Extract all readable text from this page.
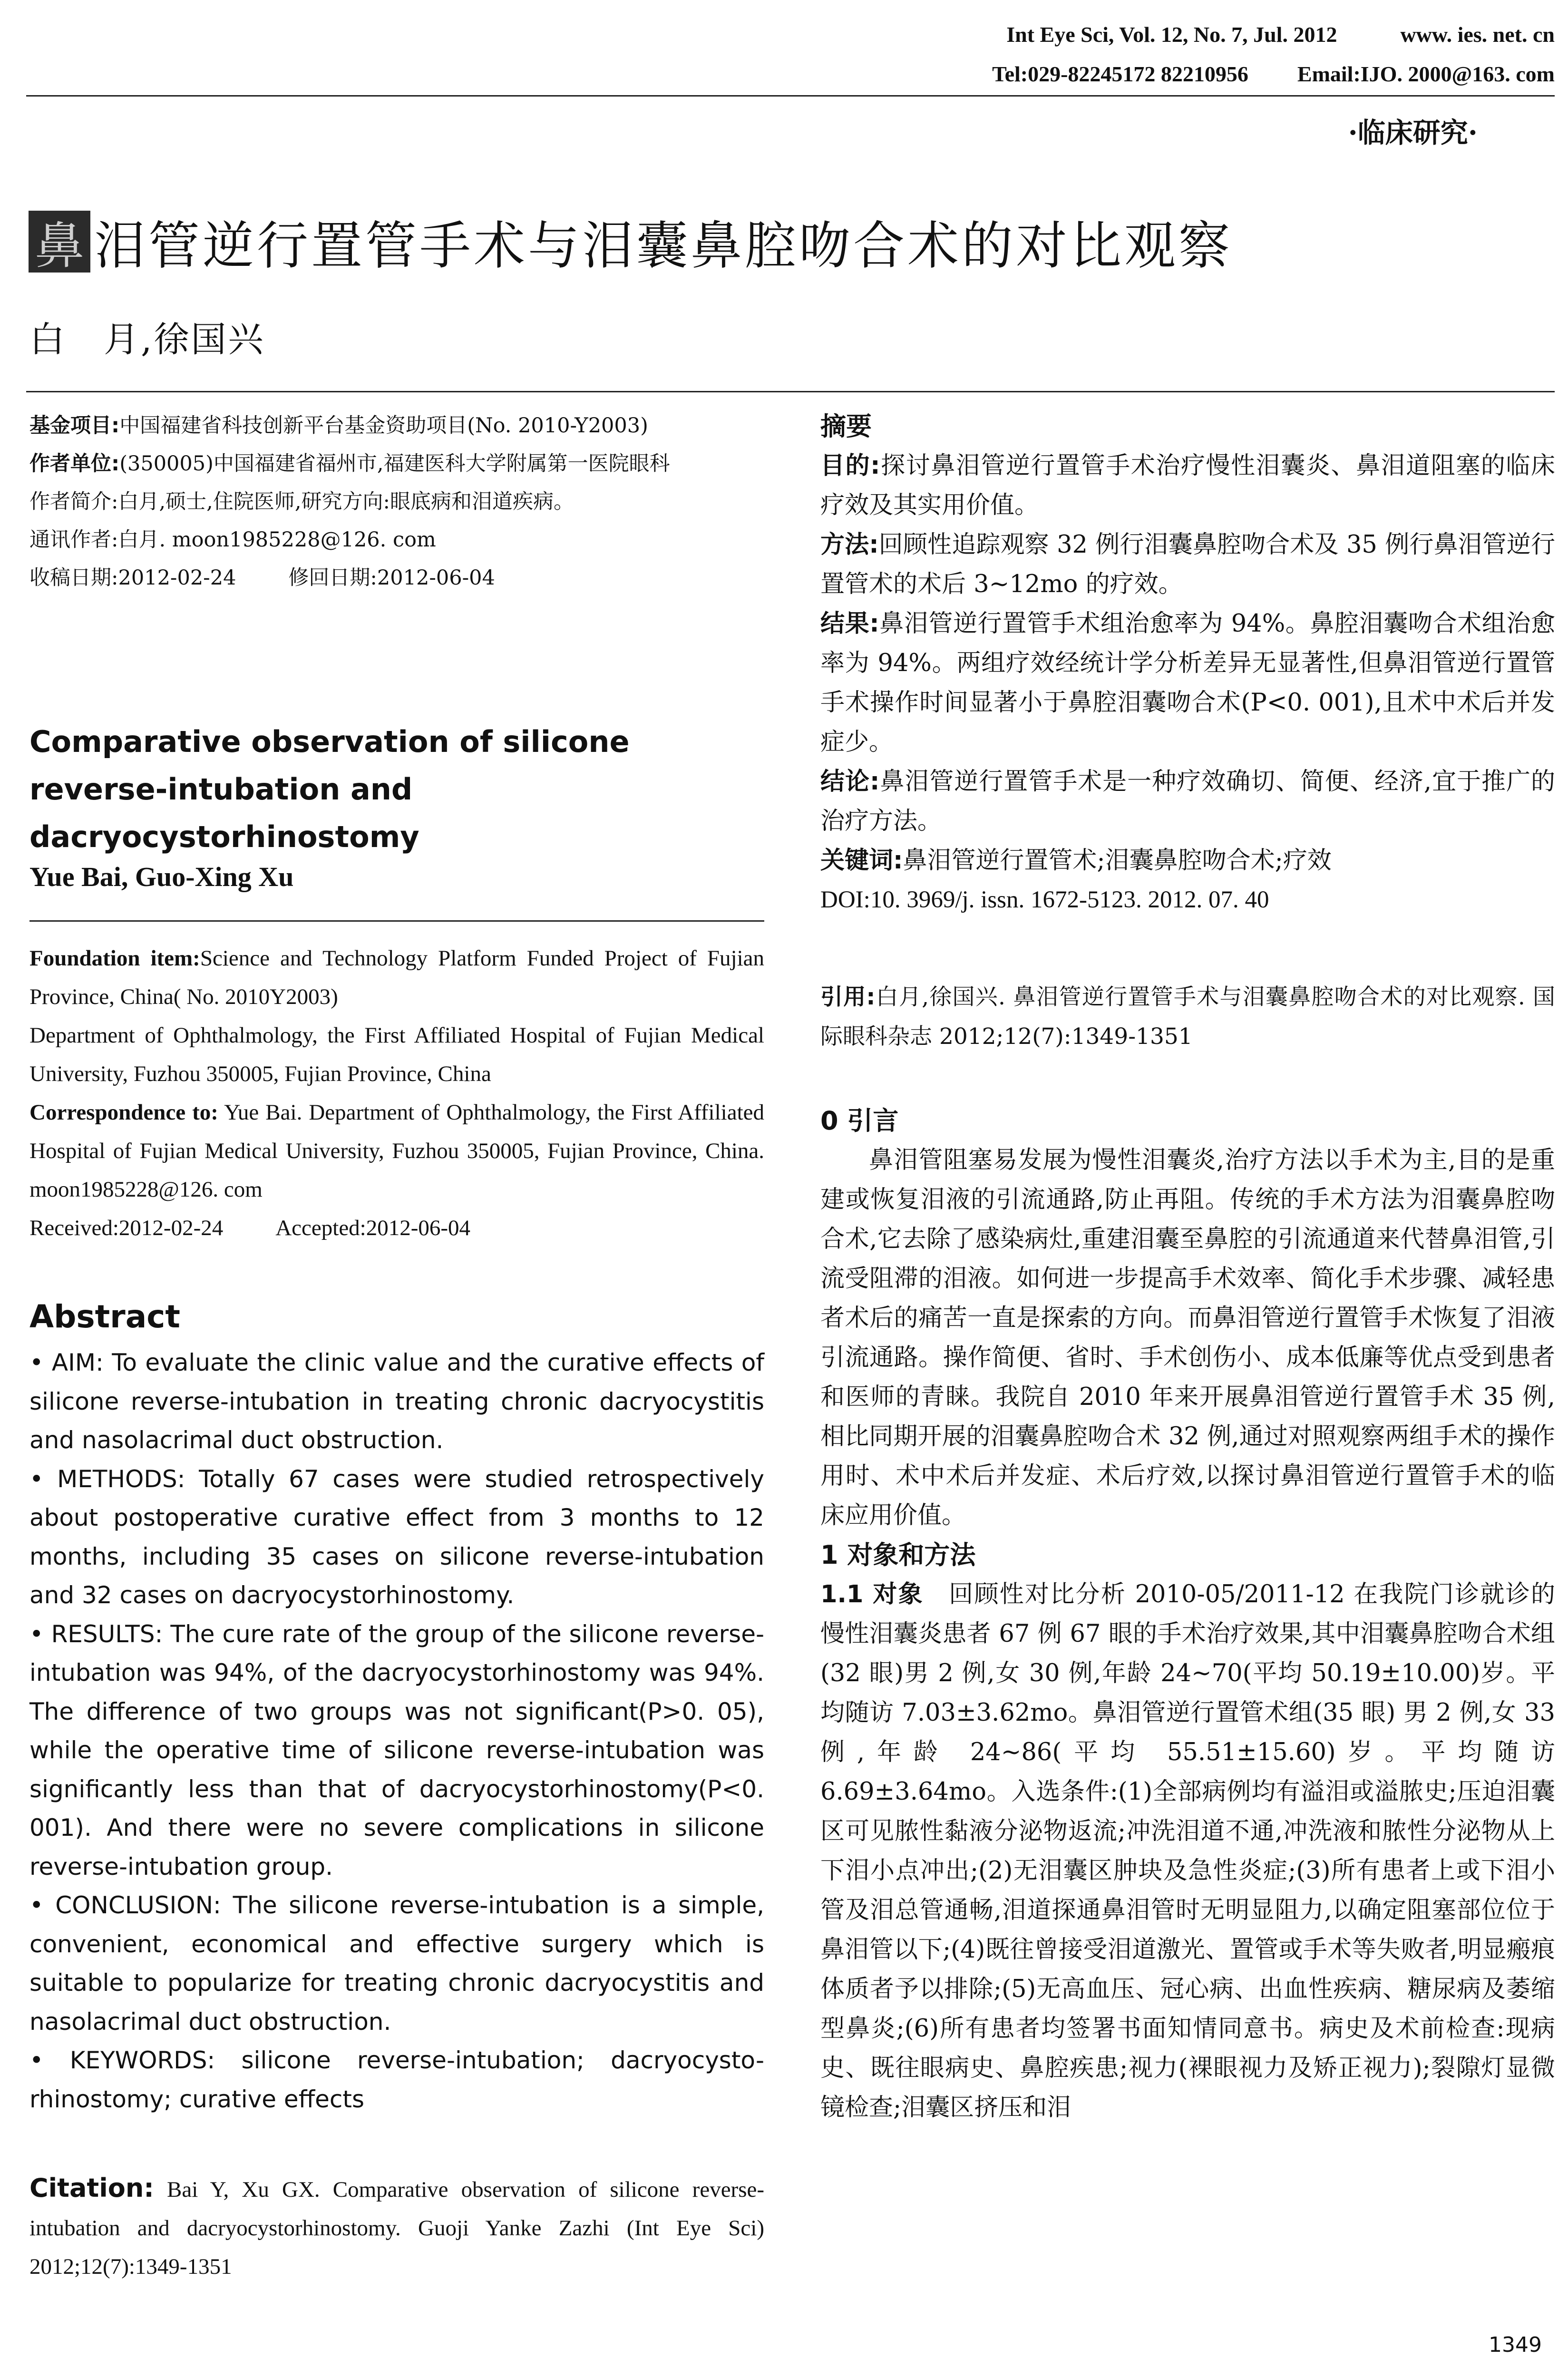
Int Eye Sci, Vol. 12, No. 7, Jul. 2012	www. ies. net. cn
Tel:029-82245172 82210956 Email:IJO. 2000@163. com
·临床研究·
鼻 泪管逆行置管手术与泪囊鼻腔吻合术的对比观察
白　月,徐国兴
基金项目:中国福建省科技创新平台基金资助项目(No. 2010-Y2003)
作者单位:(350005)中国福建省福州市,福建医科大学附属第一医院眼科
作者简介:白月,硕士,住院医师,研究方向:眼底病和泪道疾病。
通讯作者:白月. moon1985228@126. com
收稿日期:2012-02-24	修回日期:2012-06-04
Comparative observation of silicone reverse-intubation and dacryocystorhinostomy
Yue Bai, Guo-Xing Xu
Foundation item:Science and Technology Platform Funded Project of Fujian Province, China( No. 2010Y2003)
Department of Ophthalmology, the First Affiliated Hospital of Fujian Medical University, Fuzhou 350005, Fujian Province, China
Correspondence to: Yue Bai. Department of Ophthalmology, the First Affiliated Hospital of Fujian Medical University, Fuzhou 350005, Fujian Province, China. moon1985228@126. com
Received:2012-02-24 Accepted:2012-06-04
Abstract

• AIM: To evaluate the clinic value and the curative effects of silicone reverse-intubation in treating chronic dacryocystitis and nasolacrimal duct obstruction.

• METHODS: Totally 67 cases were studied retrospectively about postoperative curative effect from 3 months to 12 months, including 35 cases on silicone reverse-intubation and 32 cases on dacryocystorhinostomy.

• RESULTS: The cure rate of the group of the silicone reverse-intubation was 94%, of the dacryocystorhinostomy was 94%. The difference of two groups was not significant(P>0. 05), while the operative time of silicone reverse-intubation was significantly less than that of dacryocystorhinostomy(P<0. 001). And there were no severe complications in silicone reverse-intubation group.

• CONCLUSION: The silicone reverse-intubation is a simple, convenient, economical and effective surgery which is suitable to popularize for treating chronic dacryocystitis and nasolacrimal duct obstruction.

• KEYWORDS: silicone reverse-intubation; dacryocysto-rhinostomy; curative effects

Citation: Bai Y, Xu GX. Comparative observation of silicone reverse-intubation and dacryocystorhinostomy. Guoji Yanke Zazhi (Int Eye Sci) 2012;12(7):1349-1351

摘要

目的:探讨鼻泪管逆行置管手术治疗慢性泪囊炎、鼻泪道阻塞的临床疗效及其实用价值。

方法:回顾性追踪观察 32 例行泪囊鼻腔吻合术及 35 例行鼻泪管逆行置管术的术后 3~12mo 的疗效。

结果:鼻泪管逆行置管手术组治愈率为 94%。鼻腔泪囊吻合术组治愈率为 94%。两组疗效经统计学分析差异无显著性,但鼻泪管逆行置管手术操作时间显著小于鼻腔泪囊吻合术(P<0. 001),且术中术后并发症少。

结论:鼻泪管逆行置管手术是一种疗效确切、简便、经济,宜于推广的治疗方法。

关键词:鼻泪管逆行置管术;泪囊鼻腔吻合术;疗效

DOI:10. 3969/j. issn. 1672-5123. 2012. 07. 40

引用:白月,徐国兴. 鼻泪管逆行置管手术与泪囊鼻腔吻合术的对比观察. 国际眼科杂志 2012;12(7):1349-1351

0 引言

鼻泪管阻塞易发展为慢性泪囊炎,治疗方法以手术为主,目的是重建或恢复泪液的引流通路,防止再阻。传统的手术方法为泪囊鼻腔吻合术,它去除了感染病灶,重建泪囊至鼻腔的引流通道来代替鼻泪管,引流受阻滞的泪液。如何进一步提高手术效率、简化手术步骤、减轻患者术后的痛苦一直是探索的方向。而鼻泪管逆行置管手术恢复了泪液引流通路。操作简便、省时、手术创伤小、成本低廉等优点受到患者和医师的青睐。我院自 2010 年来开展鼻泪管逆行置管手术 35 例,相比同期开展的泪囊鼻腔吻合术 32 例,通过对照观察两组手术的操作用时、术中术后并发症、术后疗效,以探讨鼻泪管逆行置管手术的临床应用价值。

1 对象和方法

1.1 对象　回顾性对比分析 2010-05/2011-12 在我院门诊就诊的慢性泪囊炎患者 67 例 67 眼的手术治疗效果,其中泪囊鼻腔吻合术组(32 眼)男 2 例,女 30 例,年龄 24~70(平均 50.19±10.00)岁。平均随访 7.03±3.62mo。鼻泪管逆行置管术组(35 眼) 男 2 例,女 33 例,年龄 24~86(平均 55.51±15.60)岁。平均随访 6.69±3.64mo。入选条件:(1)全部病例均有溢泪或溢脓史;压迫泪囊区可见脓性黏液分泌物返流;冲洗泪道不通,冲洗液和脓性分泌物从上下泪小点冲出;(2)无泪囊区肿块及急性炎症;(3)所有患者上或下泪小管及泪总管通畅,泪道探通鼻泪管时无明显阻力,以确定阻塞部位位于鼻泪管以下;(4)既往曾接受泪道激光、置管或手术等失败者,明显瘢痕体质者予以排除;(5)无高血压、冠心病、出血性疾病、糖尿病及萎缩型鼻炎;(6)所有患者均签署书面知情同意书。病史及术前检查:现病史、既往眼病史、鼻腔疾患;视力(裸眼视力及矫正视力);裂隙灯显微镜检查;泪囊区挤压和泪

1349
